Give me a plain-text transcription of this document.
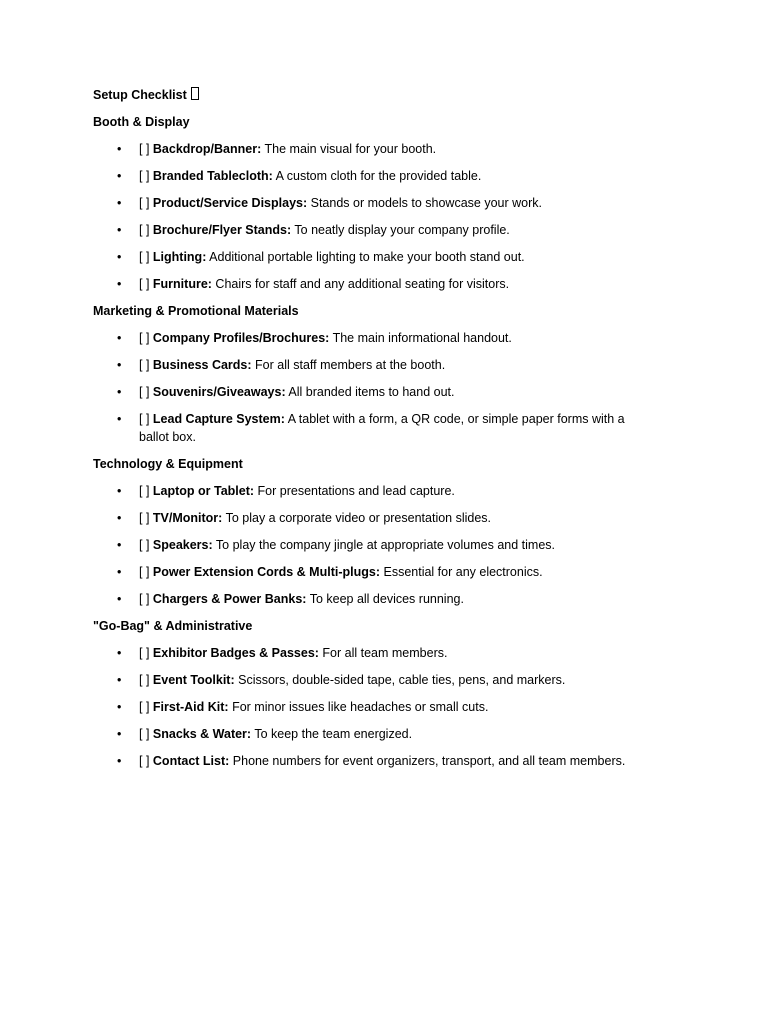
Setup Checklist
Booth & Display
• [ ] Backdrop/Banner: The main visual for your booth.
• [ ] Branded Tablecloth: A custom cloth for the provided table.
• [ ] Product/Service Displays: Stands or models to showcase your work.
• [ ] Brochure/Flyer Stands: To neatly display your company profile.
• [ ] Lighting: Additional portable lighting to make your booth stand out.
• [ ] Furniture: Chairs for staff and any additional seating for visitors.
Marketing & Promotional Materials
• [ ] Company Profiles/Brochures: The main informational handout.
• [ ] Business Cards: For all staff members at the booth.
• [ ] Souvenirs/Giveaways: All branded items to hand out.
• [ ] Lead Capture System: A tablet with a form, a QR code, or simple paper forms with a ballot box.
Technology & Equipment
• [ ] Laptop or Tablet: For presentations and lead capture.
• [ ] TV/Monitor: To play a corporate video or presentation slides.
• [ ] Speakers: To play the company jingle at appropriate volumes and times.
• [ ] Power Extension Cords & Multi-plugs: Essential for any electronics.
• [ ] Chargers & Power Banks: To keep all devices running.
"Go-Bag" & Administrative
• [ ] Exhibitor Badges & Passes: For all team members.
• [ ] Event Toolkit: Scissors, double-sided tape, cable ties, pens, and markers.
• [ ] First-Aid Kit: For minor issues like headaches or small cuts.
• [ ] Snacks & Water: To keep the team energized.
• [ ] Contact List: Phone numbers for event organizers, transport, and all team members.
